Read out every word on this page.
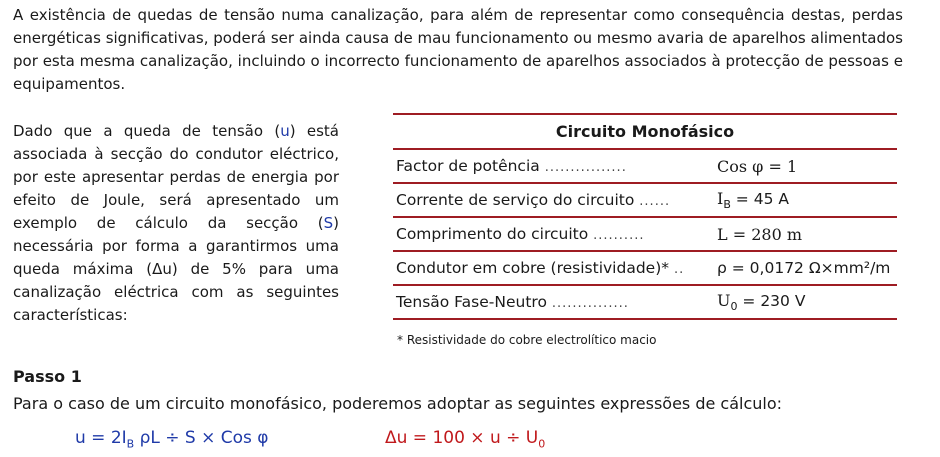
A existência de quedas de tensão numa canalização, para além de representar como consequência destas, perdas energéticas significativas, poderá ser ainda causa de mau funcionamento ou mesmo avaria de aparelhos alimentados por esta mesma canalização, incluindo o incorrecto funcionamento de aparelhos associados à protecção de pessoas e equipamentos.

Dado que a queda de tensão (u) está associada à secção do condutor eléctrico, por este apresentar perdas de energia por efeito de Joule, será apresentado um exemplo de cálculo da secção (S) necessária por forma a garantirmos uma queda máxima (Δu) de 5% para uma canalização eléctrica com as seguintes características:

Circuito Monofásico	
Factor de potência ................	Cos φ = 1
Corrente de serviço do circuito ......	$I_B = 45$ A
Comprimento do circuito ..........	L = 280 m
Condutor em cobre (resistividade)* ..	ρ = 0,0172 Ω×mm²/m
Tensão Fase-Neutro ...............	$U_0 = 230$ V

* Resistividade do cobre electrolítico macio

Passo 1

Para o caso de um circuito monofásico, poderemos adoptar as seguintes expressões de cálculo:

$u = 2I_B$ ρL ÷ S × Cos φ	$\Delta u = 100 \times u \div U_0$
